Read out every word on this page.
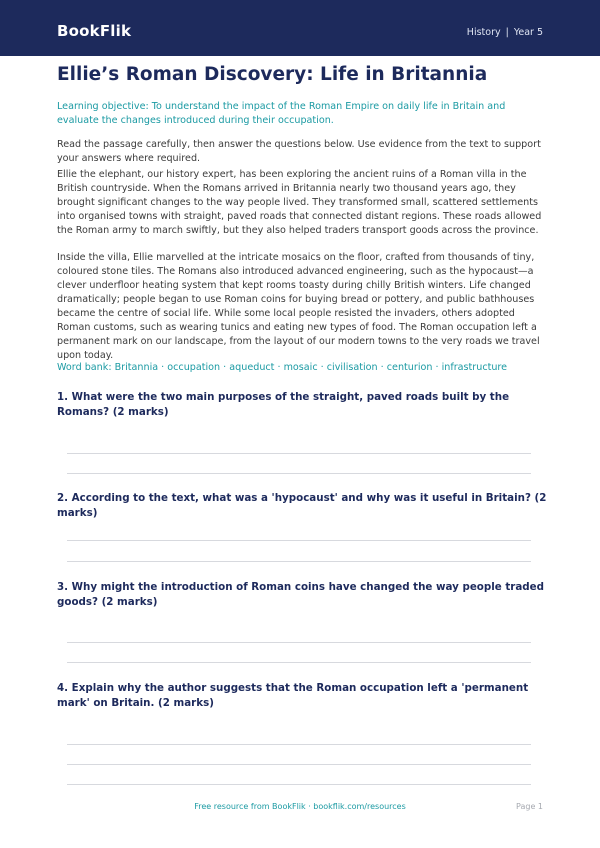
BookFlik	History | Year 5
Ellie’s Roman Discovery: Life in Britannia
Learning objective: To understand the impact of the Roman Empire on daily life in Britain and evaluate the changes introduced during their occupation.
Read the passage carefully, then answer the questions below. Use evidence from the text to support your answers where required.
Ellie the elephant, our history expert, has been exploring the ancient ruins of a Roman villa in the British countryside. When the Romans arrived in Britannia nearly two thousand years ago, they brought significant changes to the way people lived. They transformed small, scattered settlements into organised towns with straight, paved roads that connected distant regions. These roads allowed the Roman army to march swiftly, but they also helped traders transport goods across the province.
Inside the villa, Ellie marvelled at the intricate mosaics on the floor, crafted from thousands of tiny, coloured stone tiles. The Romans also introduced advanced engineering, such as the hypocaust—a clever underfloor heating system that kept rooms toasty during chilly British winters. Life changed dramatically; people began to use Roman coins for buying bread or pottery, and public bathhouses became the centre of social life. While some local people resisted the invaders, others adopted Roman customs, such as wearing tunics and eating new types of food. The Roman occupation left a permanent mark on our landscape, from the layout of our modern towns to the very roads we travel upon today.
Word bank: Britannia · occupation · aqueduct · mosaic · civilisation · centurion · infrastructure
1. What were the two main purposes of the straight, paved roads built by the Romans? (2 marks)
2. According to the text, what was a 'hypocaust' and why was it useful in Britain? (2 marks)
3. Why might the introduction of Roman coins have changed the way people traded goods? (2 marks)
4. Explain why the author suggests that the Roman occupation left a 'permanent mark' on Britain. (2 marks)
Free resource from BookFlik · bookflik.com/resources	Page 1
